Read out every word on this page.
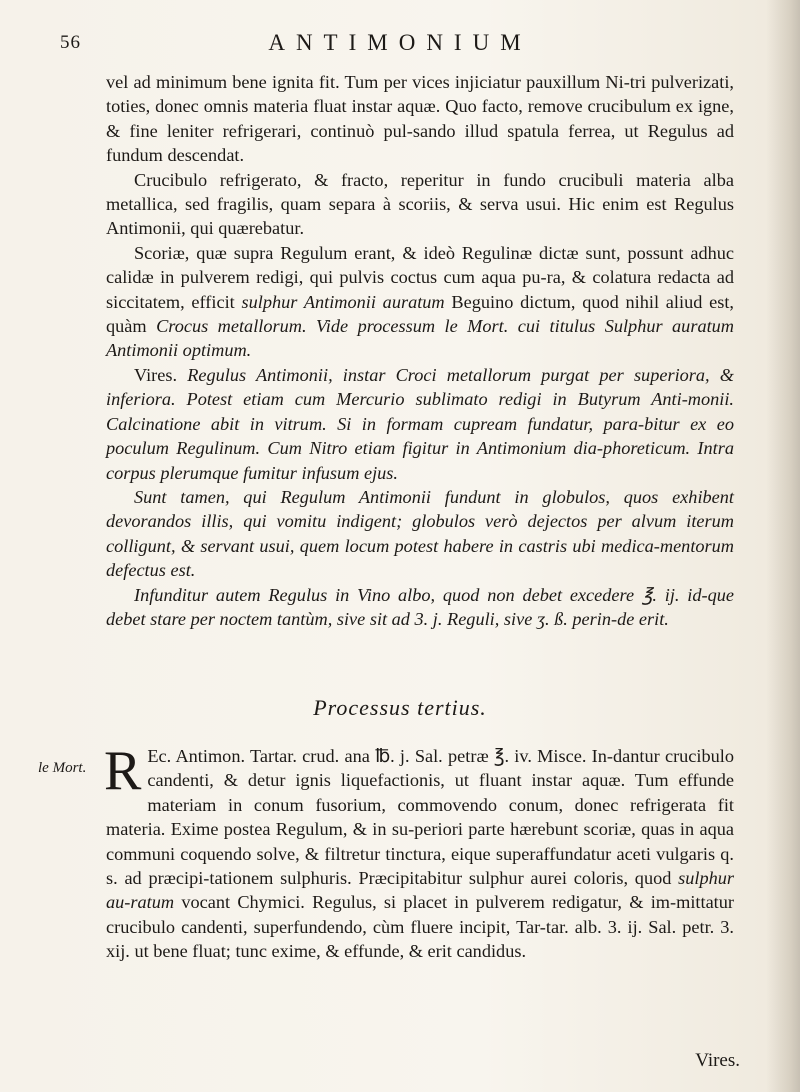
56	ANTIMONIUM

vel ad minimum bene ignita fit. Tum per vices injiciatur pauxillum Ni-tri pulverizati, toties, donec omnis materia fluat instar aquæ. Quo facto, remove crucibulum ex igne, & fine leniter refrigerari, continuò pul-sando illud spatula ferrea, ut Regulus ad fundum descendat.

Crucibulo refrigerato, & fracto, reperitur in fundo crucibuli materia alba metallica, sed fragilis, quam separa à scoriis, & serva usui. Hic enim est Regulus Antimonii, qui quærebatur.

Scoriæ, quæ supra Regulum erant, & ideò Regulinæ dictæ sunt, possunt adhuc calidæ in pulverem redigi, qui pulvis coctus cum aqua pu-ra, & colatura redacta ad siccitatem, efficit sulphur Antimonii auratum Beguino dictum, quod nihil aliud est, quàm Crocus metallorum. Vide processum le Mort. cui titulus Sulphur auratum Antimonii optimum.

Vires. Regulus Antimonii, instar Croci metallorum purgat per superiora, & inferiora. Potest etiam cum Mercurio sublimato redigi in Butyrum Anti-monii. Calcinatione abit in vitrum. Si in formam cupream fundatur, para-bitur ex eo poculum Regulinum. Cum Nitro etiam figitur in Antimonium dia-phoreticum. Intra corpus plerumque fumitur infusum ejus.

Sunt tamen, qui Regulum Antimonii fundunt in globulos, quos exhibent devorandos illis, qui vomitu indigent; globulos verò dejectos per alvum iterum colligunt, & servant usui, quem locum potest habere in castris ubi medica-mentorum defectus est.

Infunditur autem Regulus in Vino albo, quod non debet excedere ℥. ij. id-que debet stare per noctem tantùm, sive sit ad 3. j. Reguli, sive ʒ. ß. perin-de erit.

Processus tertius.
le Mort. R Ec. Antimon. Tartar. crud. ana ℔. j. Sal. petræ ℥. iv. Misce. In-dantur crucibulo candenti, & detur ignis liquefactionis, ut fluant instar aquæ. Tum effunde materiam in conum fusorium, commovendo conum, donec refrigerata fit materia. Exime postea Regulum, & in su-periori parte hærebunt scoriæ, quas in aqua communi coquendo solve, & filtretur tinctura, eique superaffundatur aceti vulgaris q. s. ad præcipi-tationem sulphuris. Præcipitabitur sulphur aurei coloris, quod sulphur au-ratum vocant Chymici. Regulus, si placet in pulverem redigatur, & im-mittatur crucibulo candenti, superfundendo, cùm fluere incipit, Tar-tar. alb. 3. ij. Sal. petr. 3. xij. ut bene fluat; tunc exime, & effunde, & erit candidus.
Vires.
